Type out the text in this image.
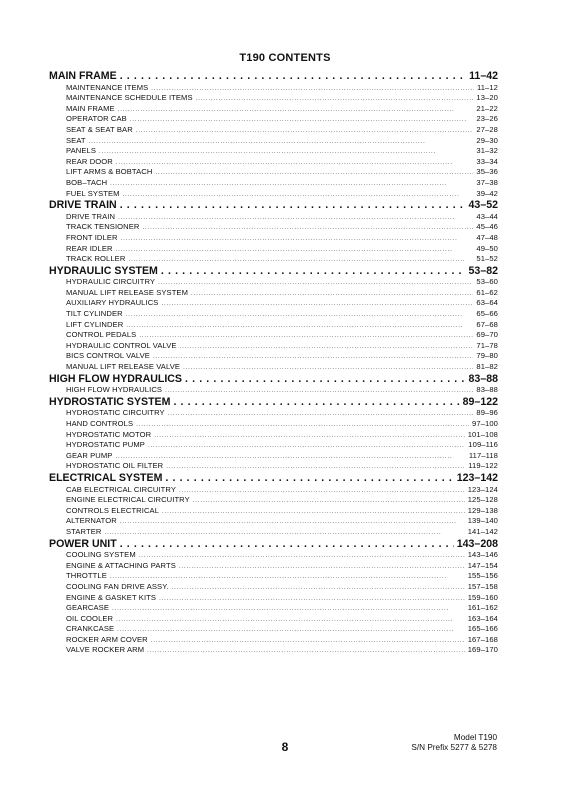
T190 CONTENTS
MAIN FRAME . . .	11–42
MAINTENANCE ITEMS . . .	11–12
MAINTENANCE SCHEDULE ITEMS . . .	13–20
MAIN FRAME . . .	21–22
OPERATOR CAB . . .	23–26
SEAT & SEAT BAR . . .	27–28
SEAT . . .	29–30
PANELS . . .	31–32
REAR DOOR . . .	33–34
LIFT ARMS & BOBTACH . . .	35–36
BOB–TACH . . .	37–38
FUEL SYSTEM . . .	39–42
DRIVE TRAIN . . .	43–52
DRIVE TRAIN . . .	43–44
TRACK TENSIONER . . .	45–46
FRONT IDLER . . .	47–48
REAR IDLER . . .	49–50
TRACK ROLLER . . .	51–52
HYDRAULIC SYSTEM . . .	53–82
HYDRAULIC CIRCUITRY . . .	53–60
MANUAL LIFT RELEASE SYSTEM . . .	61–62
AUXILIARY HYDRAULICS . . .	63–64
TILT CYLINDER . . .	65–66
LIFT CYLINDER . . .	67–68
CONTROL PEDALS . . .	69–70
HYDRAULIC CONTROL VALVE . . .	71–78
BICS CONTROL VALVE . . .	79–80
MANUAL LIFT RELEASE VALVE . . .	81–82
HIGH FLOW HYDRAULICS . . .	83–88
HIGH FLOW HYDRAULICS . . .	83–88
HYDROSTATIC SYSTEM . . .	89–122
HYDROSTATIC CIRCUITRY . . .	89–96
HAND CONTROLS . . .	97–100
HYDROSTATIC MOTOR . . .	101–108
HYDROSTATIC PUMP . . .	109–116
GEAR PUMP . . .	117–118
HYDROSTATIC OIL FILTER . . .	119–122
ELECTRICAL SYSTEM . . .	123–142
CAB ELECTRICAL CIRCUITRY . . .	123–124
ENGINE ELECTRICAL CIRCUITRY . . .	125–128
CONTROLS ELECTRICAL . . .	129–138
ALTERNATOR . . .	139–140
STARTER . . .	141–142
POWER UNIT . . .	143–208
COOLING SYSTEM . . .	143–146
ENGINE & ATTACHING PARTS . . .	147–154
THROTTLE . . .	155–156
COOLING FAN DRIVE ASSY. . . .	157–158
ENGINE & GASKET KITS . . .	159–160
GEARCASE . . .	161–162
OIL COOLER . . .	163–164
CRANKCASE . . .	165–166
ROCKER ARM COVER . . .	167–168
VALVE ROCKER ARM . . .	169–170
8
Model T190
S/N Prefix 5277 & 5278
